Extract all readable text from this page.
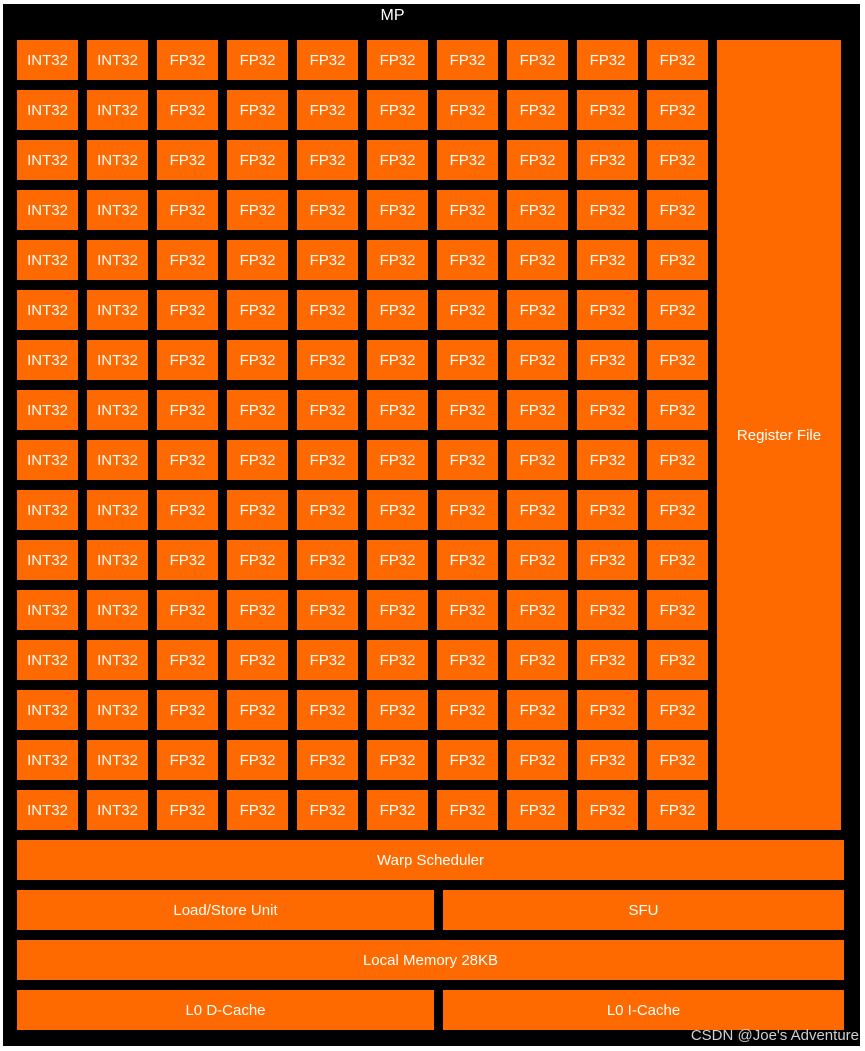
MP
INT32	INT32	FP32	FP32	FP32	FP32	FP32	FP32	FP32	FP32
INT32	INT32	FP32	FP32	FP32	FP32	FP32	FP32	FP32	FP32
INT32	INT32	FP32	FP32	FP32	FP32	FP32	FP32	FP32	FP32
INT32	INT32	FP32	FP32	FP32	FP32	FP32	FP32	FP32	FP32
INT32	INT32	FP32	FP32	FP32	FP32	FP32	FP32	FP32	FP32
INT32	INT32	FP32	FP32	FP32	FP32	FP32	FP32	FP32	FP32
INT32	INT32	FP32	FP32	FP32	FP32	FP32	FP32	FP32	FP32
INT32	INT32	FP32	FP32	FP32	FP32	FP32	FP32	FP32	FP32
INT32	INT32	FP32	FP32	FP32	FP32	FP32	FP32	FP32	FP32
INT32	INT32	FP32	FP32	FP32	FP32	FP32	FP32	FP32	FP32
INT32	INT32	FP32	FP32	FP32	FP32	FP32	FP32	FP32	FP32
INT32	INT32	FP32	FP32	FP32	FP32	FP32	FP32	FP32	FP32
INT32	INT32	FP32	FP32	FP32	FP32	FP32	FP32	FP32	FP32
INT32	INT32	FP32	FP32	FP32	FP32	FP32	FP32	FP32	FP32
INT32	INT32	FP32	FP32	FP32	FP32	FP32	FP32	FP32	FP32
INT32	INT32	FP32	FP32	FP32	FP32	FP32	FP32	FP32	FP32
Register File
Warp Scheduler
Load/Store Unit	SFU
Local Memory 28KB
L0 D-Cache	L0 I-Cache
CSDN @Joe's Adventure
